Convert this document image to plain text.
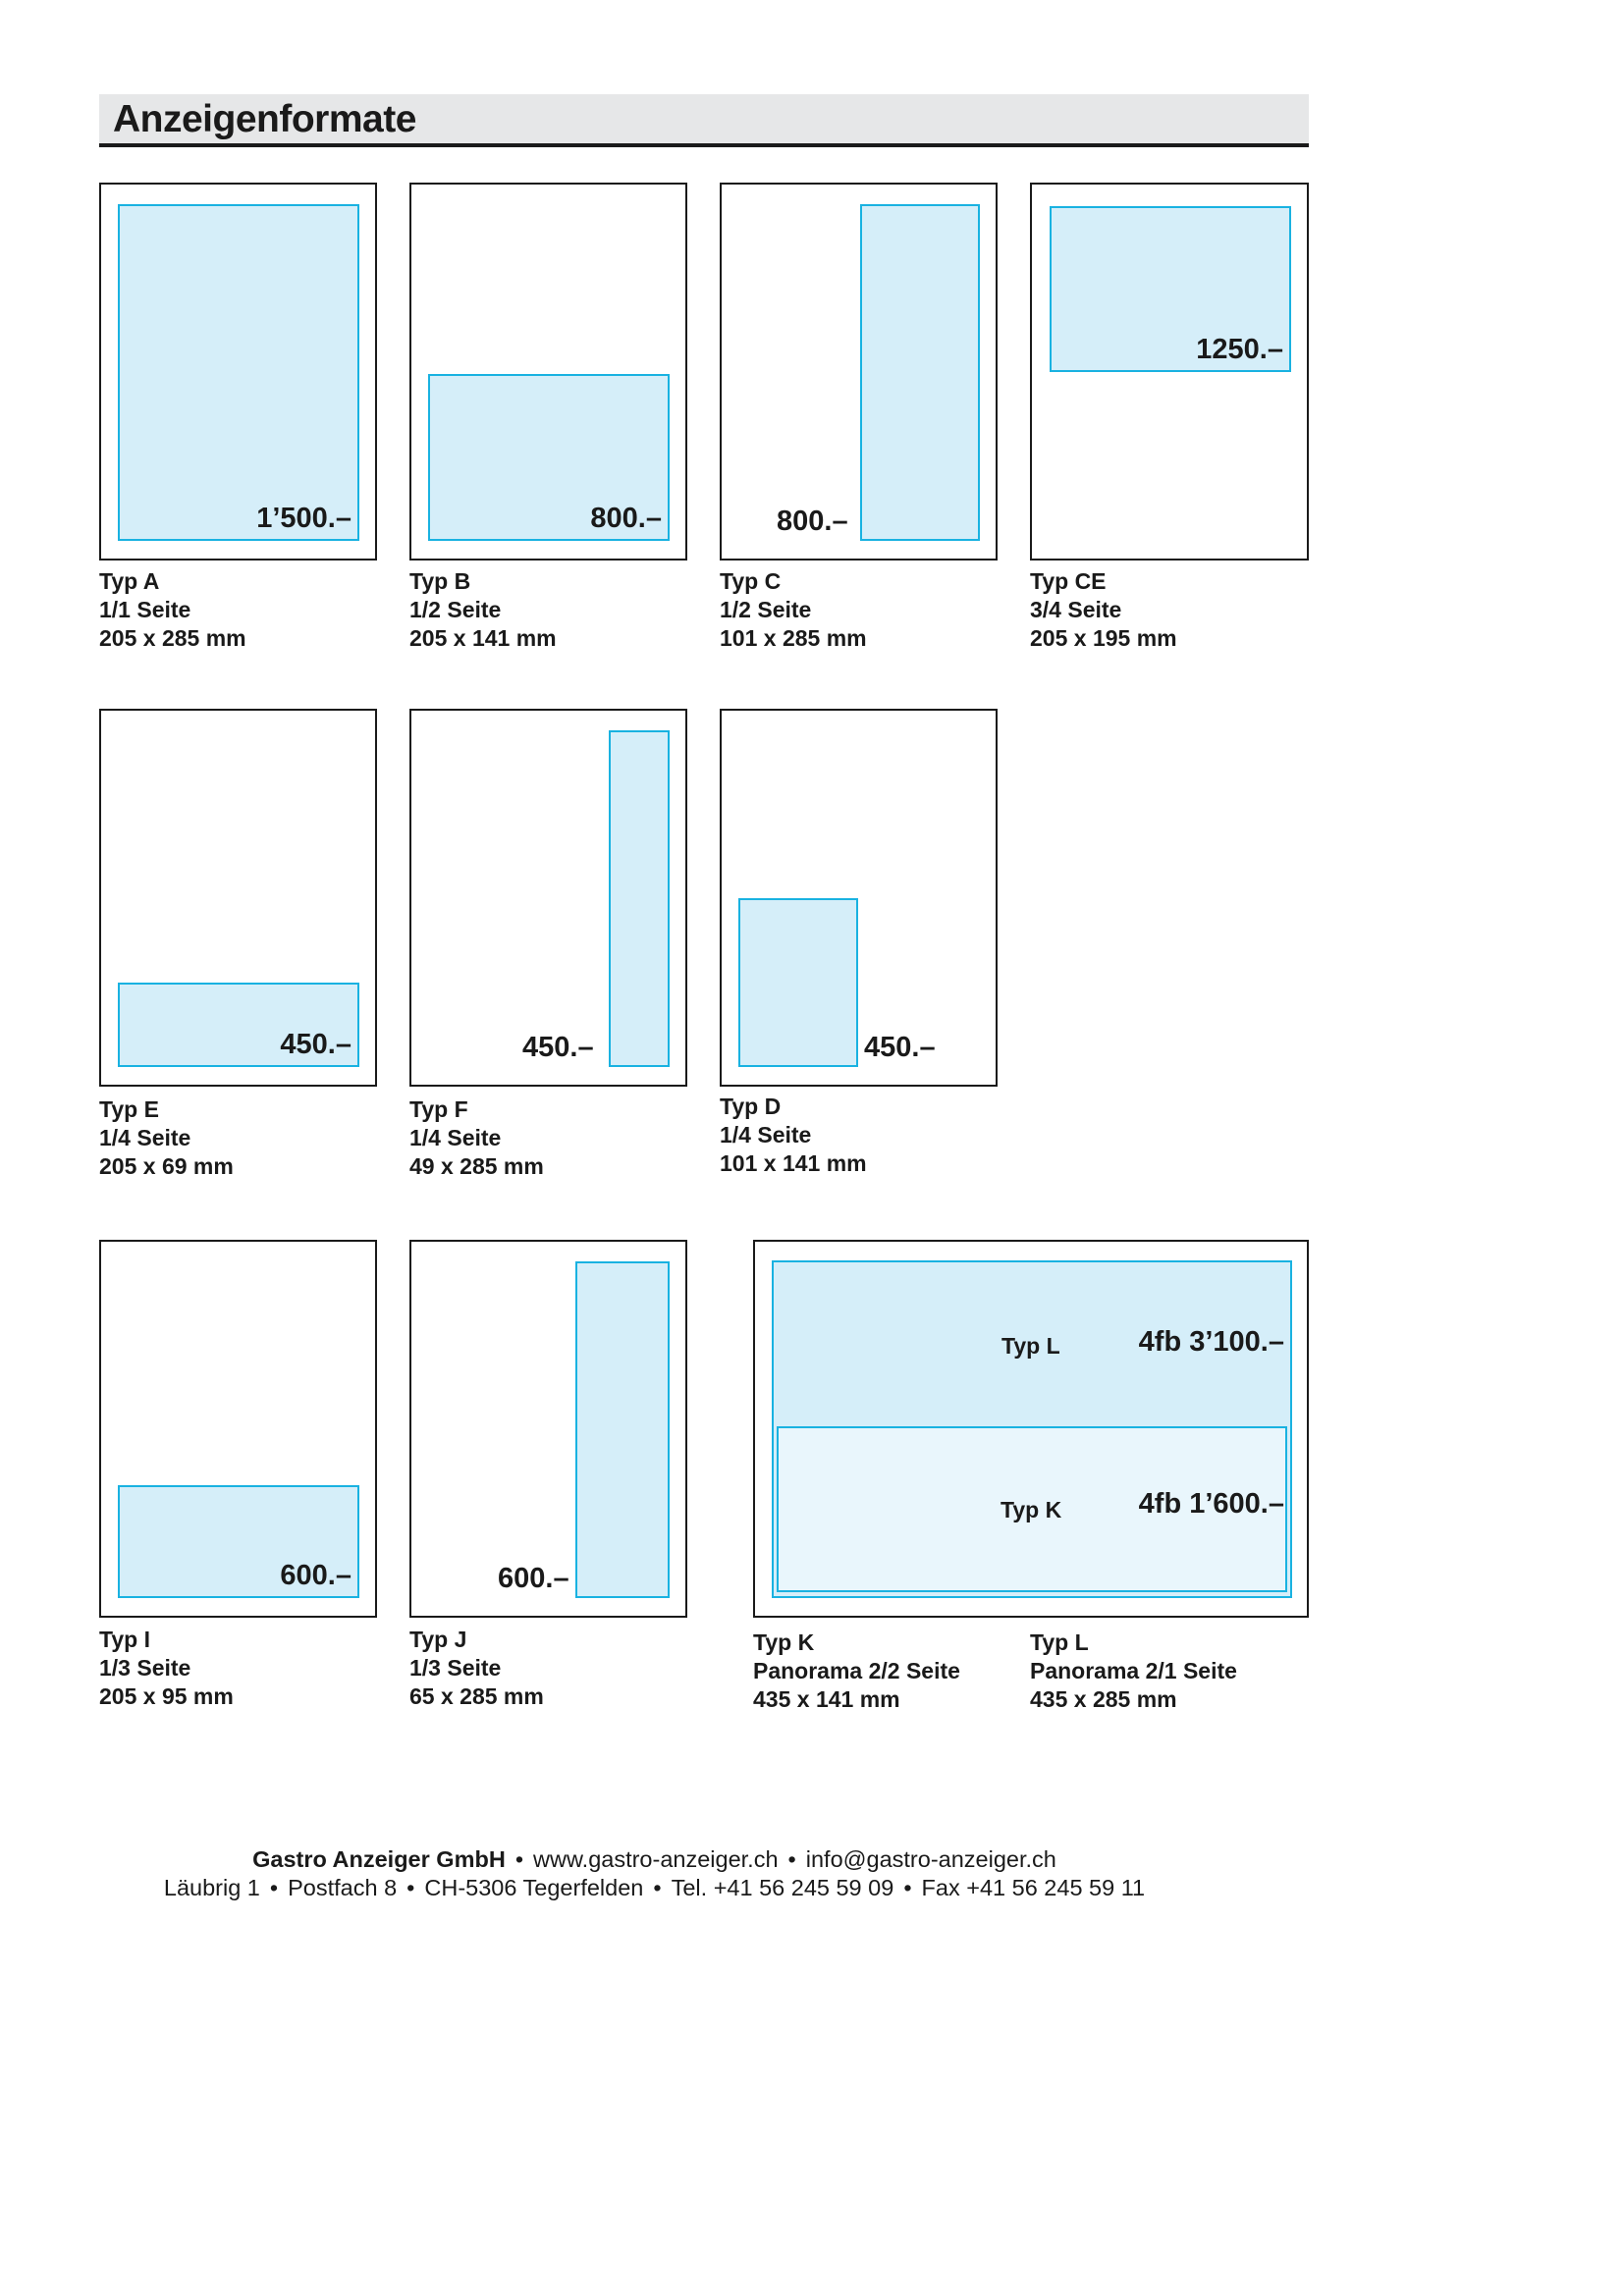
Anzeigenformate
1’500.–
Typ A
1/1 Seite
205 x 285 mm
800.–
Typ B
1/2 Seite
205 x 141 mm
800.–
Typ C
1/2 Seite
101 x 285 mm
1250.–
Typ CE
3/4 Seite
205 x 195 mm
450.–
Typ E
1/4 Seite
205 x 69 mm
450.–
Typ F
1/4 Seite
49 x 285 mm
450.–
Typ D
1/4 Seite
101 x 141 mm
600.–
Typ I
1/3 Seite
205 x 95 mm
600.–
Typ J
1/3 Seite
65 x 285 mm
Typ L	4fb 3’100.–
Typ K	4fb 1’600.–
Typ K
Panorama 2/2 Seite
435 x 141 mm
Typ L
Panorama 2/1 Seite
435 x 285 mm
Gastro Anzeiger GmbH • www.gastro-anzeiger.ch • info@gastro-anzeiger.ch
Läubrig 1 • Postfach 8 • CH-5306 Tegerfelden • Tel. +41 56 245 59 09 • Fax +41 56 245 59 11
